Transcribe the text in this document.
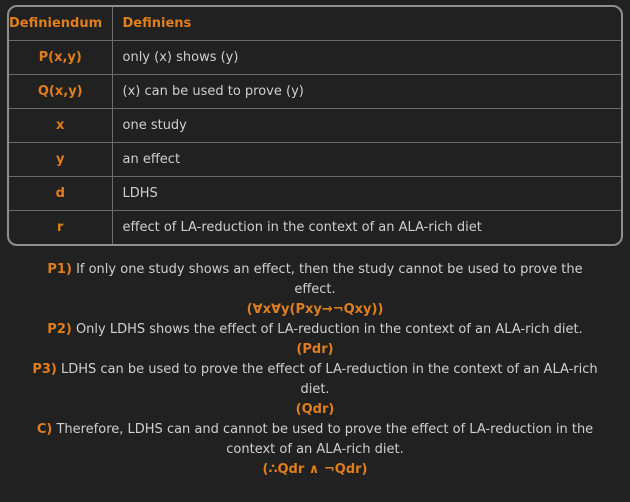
Definiendum	Definiens
P(x,y)	only (x) shows (y)
Q(x,y)	(x) can be used to prove (y)
x	one study
y	an effect
d	LDHS
r	effect of LA-reduction in the context of an ALA-rich diet

P1) If only one study shows an effect, then the study cannot be used to prove the effect.

(∀x∀y(Pxy→¬Qxy))

P2) Only LDHS shows the effect of LA-reduction in the context of an ALA-rich diet.

(Pdr)

P3) LDHS can be used to prove the effect of LA-reduction in the context of an ALA-rich diet.

(Qdr)

C) Therefore, LDHS can and cannot be used to prove the effect of LA-reduction in the context of an ALA-rich diet.

(∴Qdr ∧ ¬Qdr)
